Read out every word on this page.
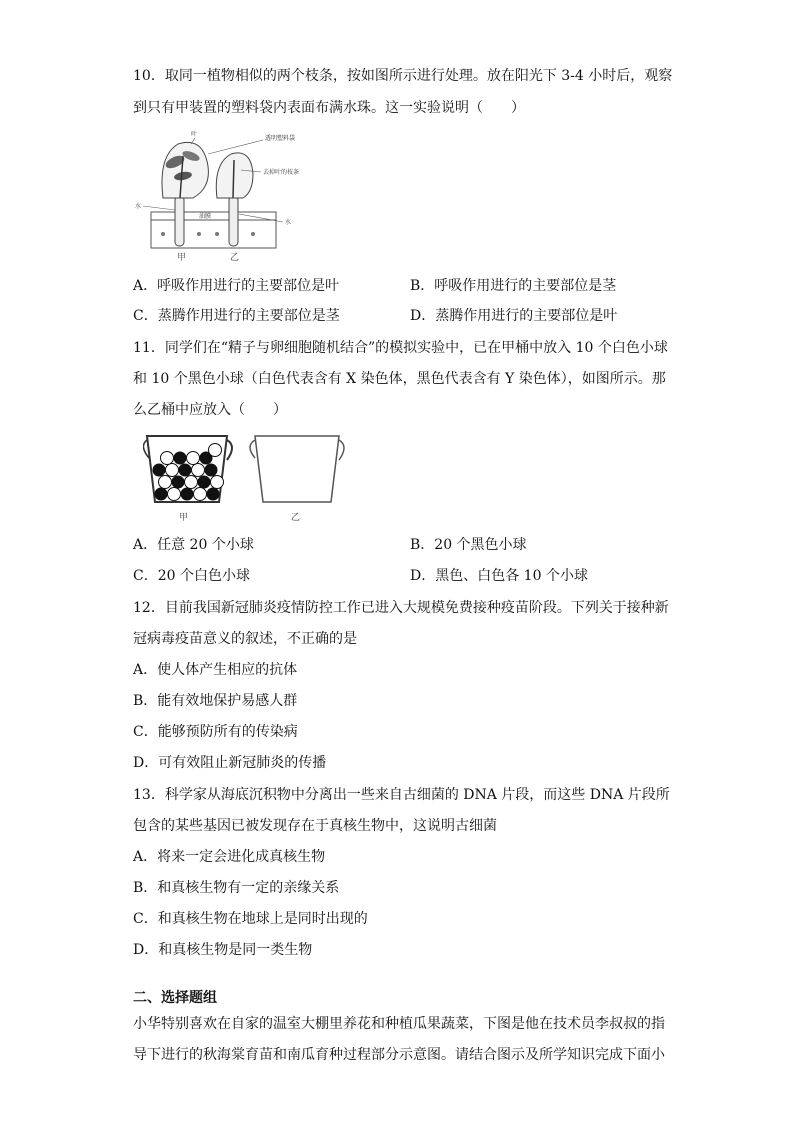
10．取同一植物相似的两个枝条，按如图所示进行处理。放在阳光下 3-4 小时后，观察
到只有甲装置的塑料袋内表面布满水珠。这一实验说明（　　）
叶
透明塑料袋
去掉叶的枝条
水
水
油膜
甲	乙
A．呼吸作用进行的主要部位是叶	B．呼吸作用进行的主要部位是茎
C．蒸腾作用进行的主要部位是茎	D．蒸腾作用进行的主要部位是叶
11．同学们在“精子与卵细胞随机结合”的模拟实验中，已在甲桶中放入 10 个白色小球
和 10 个黑色小球（白色代表含有 X 染色体，黑色代表含有 Y 染色体），如图所示。那
么乙桶中应放入（　　）
甲	乙
A．任意 20 个小球	B．20 个黑色小球
C．20 个白色小球	D．黑色、白色各 10 个小球
12．目前我国新冠肺炎疫情防控工作已进入大规模免费接种疫苗阶段。下列关于接种新
冠病毒疫苗意义的叙述，不正确的是
A．使人体产生相应的抗体
B．能有效地保护易感人群
C．能够预防所有的传染病
D．可有效阻止新冠肺炎的传播
13．科学家从海底沉积物中分离出一些来自古细菌的 DNA 片段，而这些 DNA 片段所
包含的某些基因已被发现存在于真核生物中，这说明古细菌
A．将来一定会进化成真核生物
B．和真核生物有一定的亲缘关系
C．和真核生物在地球上是同时出现的
D．和真核生物是同一类生物
二、选择题组
小华特别喜欢在自家的温室大棚里养花和种植瓜果蔬菜，下图是他在技术员李叔叔的指
导下进行的秋海棠育苗和南瓜育种过程部分示意图。请结合图示及所学知识完成下面小
